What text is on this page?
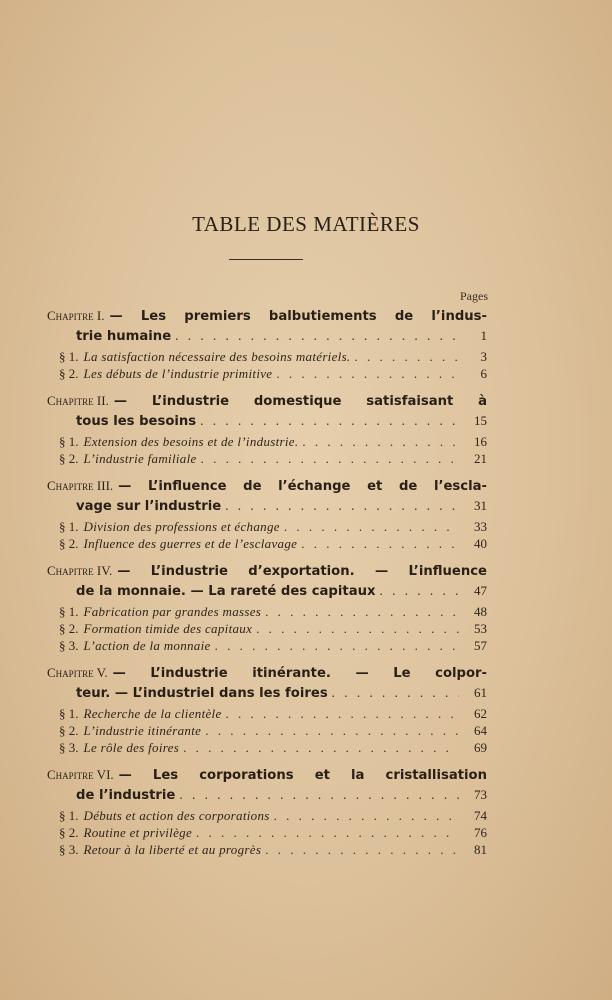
TABLE DES MATIÈRES
Pages
Chapitre I. — Les premiers balbutiements de l’indus-
trie humaine . . .	1
§ 1. La satisfaction nécessaire des besoins matériels. . . .	3
§ 2. Les débuts de l’industrie primitive . . .	6
Chapitre II. — L’industrie domestique satisfaisant à
tous les besoins . . .	15
§ 1. Extension des besoins et de l’industrie. . . .	16
§ 2. L’industrie familiale . . .	21
Chapitre III. — L’influence de l’échange et de l’escla-
vage sur l’industrie . . .	31
§ 1. Division des professions et échange . . .	33
§ 2. Influence des guerres et de l’esclavage . . .	40
Chapitre IV. — L’industrie d’exportation. — L’influence
de la monnaie. — La rareté des capitaux . . .	47
§ 1. Fabrication par grandes masses . . .	48
§ 2. Formation timide des capitaux . . .	53
§ 3. L’action de la monnaie . . .	57
Chapitre V. — L’industrie itinérante. — Le colpor-
teur. — L’industriel dans les foires . . .	61
§ 1. Recherche de la clientèle . . .	62
§ 2. L’industrie itinérante . . .	64
§ 3. Le rôle des foires . . .	69
Chapitre VI. — Les corporations et la cristallisation
de l’industrie . . .	73
§ 1. Débuts et action des corporations . . .	74
§ 2. Routine et privilège . . .	76
§ 3. Retour à la liberté et au progrès . . .	81
